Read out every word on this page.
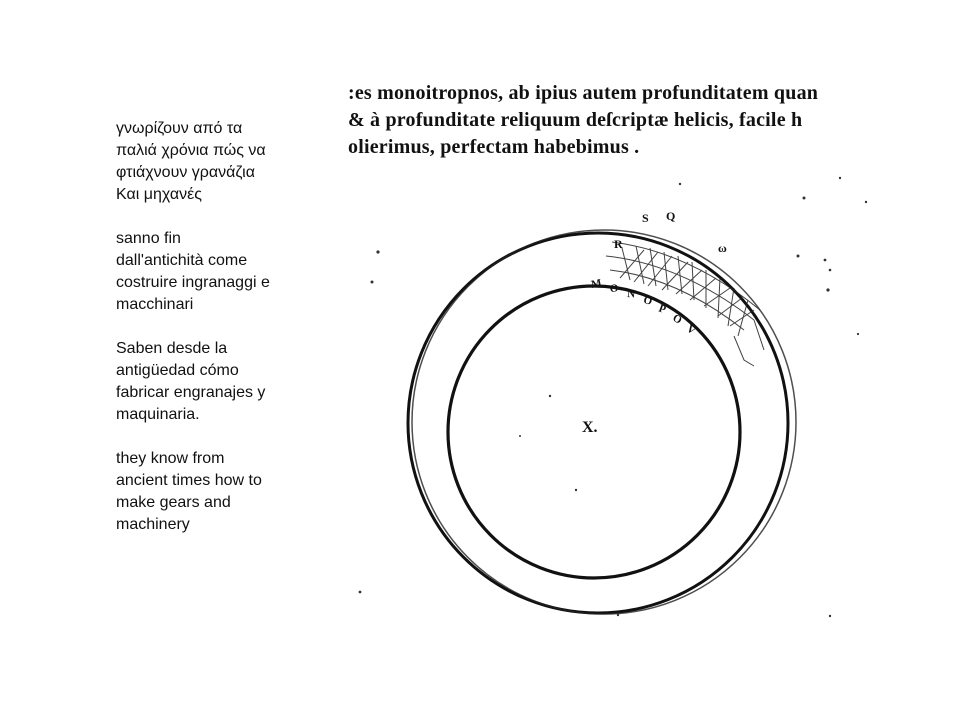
γνωρίζουν από τα
παλιά χρόνια πώς να
φτιάχνουν γρανάζια
Και μηχανές
sanno fin
dall'antichità come
costruire ingranaggi e
macchinari
Saben desde la
antigüedad cómo
fabricar engranajes y
maquinaria.
they know from
ancient times how to
make gears and
machinery
:es monoitropnos, ab ipius autem profunditatem quan
& à profunditate reliquum deſcriptæ helicis, facile h
olierimus, perfectam habebimus .
M O N O
P
O
V
S Q
R	ω
X.
